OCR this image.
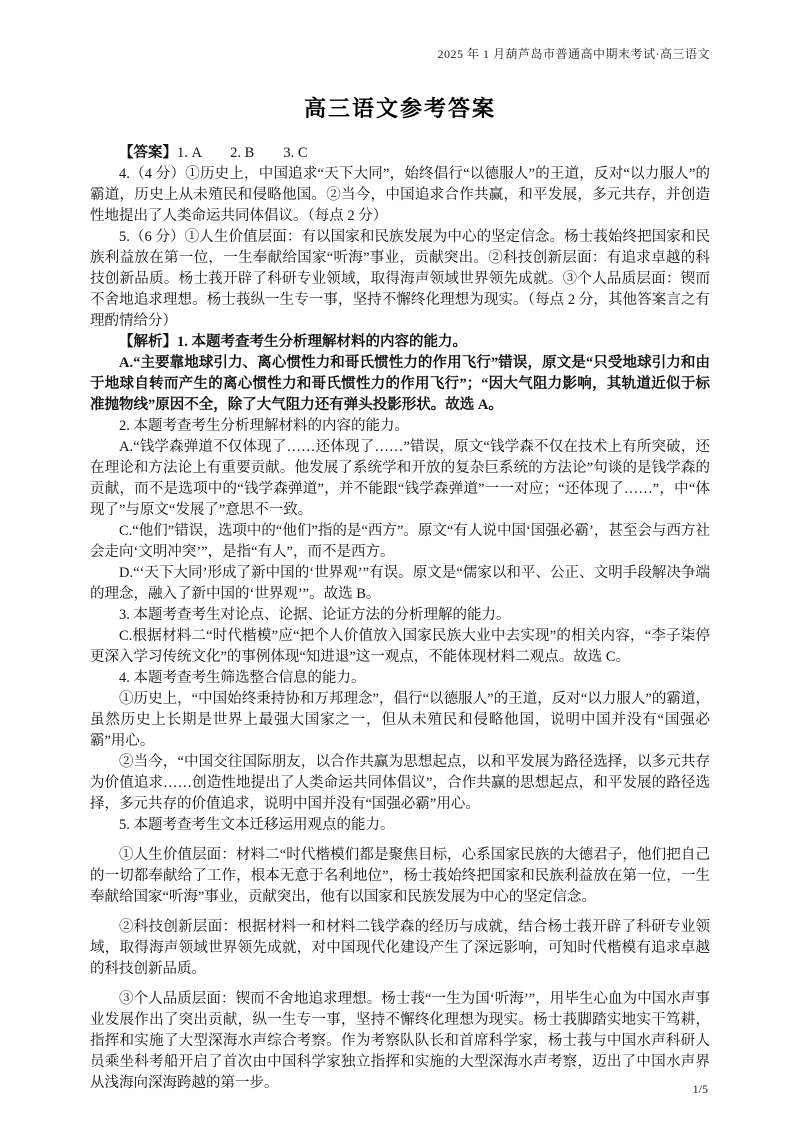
2025 年 1 月葫芦岛市普通高中期末考试·高三语文
高三语文参考答案

【答案】1. A　　2. B　　3. C

4.（4 分）①历史上，中国追求“天下大同”，始终倡行“以德服人”的王道，反对“以力服人”的霸道，历史上从未殖民和侵略他国。②当今，中国追求合作共赢，和平发展，多元共存，并创造性地提出了人类命运共同体倡议。（每点 2 分）

5.（6 分）①人生价值层面：有以国家和民族发展为中心的坚定信念。杨士莪始终把国家和民族利益放在第一位，一生奉献给国家“听海”事业，贡献突出。②科技创新层面：有追求卓越的科技创新品质。杨士莪开辟了科研专业领域，取得海声领域世界领先成就。③个人品质层面：锲而不舍地追求理想。杨士莪纵一生专一事，坚持不懈终化理想为现实。（每点 2 分，其他答案言之有理酌情给分）

【解析】1. 本题考查考生分析理解材料的内容的能力。

A.“主要靠地球引力、离心惯性力和哥氏惯性力的作用飞行”错误，原文是“只受地球引力和由于地球自转而产生的离心惯性力和哥氏惯性力的作用飞行”；“因大气阻力影响，其轨道近似于标准抛物线”原因不全，除了大气阻力还有弹头投影形状。故选 A。

2. 本题考查考生分析理解材料的内容的能力。

A.“钱学森弹道不仅体现了……还体现了……”错误，原文“钱学森不仅在技术上有所突破，还在理论和方法论上有重要贡献。他发展了系统学和开放的复杂巨系统的方法论”句谈的是钱学森的贡献，而不是选项中的“钱学森弹道”，并不能跟“钱学森弹道”一一对应；“还体现了……”，中“体现了”与原文“发展了”意思不一致。

C.“他们”错误，选项中的“他们”指的是“西方”。原文“有人说中国‘国强必霸’，甚至会与西方社会走向‘文明冲突’”，是指“有人”，而不是西方。

D.“‘天下大同’形成了新中国的‘世界观’”有误。原文是“儒家以和平、公正、文明手段解决争端的理念，融入了新中国的‘世界观’”。故选 B。

3. 本题考查考生对论点、论据、论证方法的分析理解的能力。

C.根据材料二“时代楷模”应“把个人价值放入国家民族大业中去实现”的相关内容，“李子柒停更深入学习传统文化”的事例体现“知进退”这一观点，不能体现材料二观点。故选 C。

4. 本题考查考生筛选整合信息的能力。

①历史上，“中国始终秉持协和万邦理念”，倡行“以德服人”的王道，反对“以力服人”的霸道，虽然历史上长期是世界上最强大国家之一，但从未殖民和侵略他国，说明中国并没有“国强必霸”用心。

②当今，“中国交往国际朋友，以合作共赢为思想起点，以和平发展为路径选择，以多元共存为价值追求……创造性地提出了人类命运共同体倡议”，合作共赢的思想起点，和平发展的路径选择，多元共存的价值追求，说明中国并没有“国强必霸”用心。

5. 本题考查考生文本迁移运用观点的能力。

①人生价值层面：材料二“时代楷模们都是聚焦目标，心系国家民族的大德君子，他们把自己的一切都奉献给了工作，根本无意于名利地位”，杨士莪始终把国家和民族利益放在第一位，一生奉献给国家“听海”事业，贡献突出，他有以国家和民族发展为中心的坚定信念。

②科技创新层面：根据材料一和材料二钱学森的经历与成就，结合杨士莪开辟了科研专业领域，取得海声领域世界领先成就，对中国现代化建设产生了深远影响，可知时代楷模有追求卓越的科技创新品质。

③个人品质层面：锲而不舍地追求理想。杨士莪“一生为国‘听海’”，用毕生心血为中国水声事业发展作出了突出贡献，纵一生专一事，坚持不懈终化理想为现实。杨士莪脚踏实地实干笃耕，指挥和实施了大型深海水声综合考察。作为考察队队长和首席科学家，杨士莪与中国水声科研人员乘坐科考船开启了首次由中国科学家独立指挥和实施的大型深海水声考察，迈出了中国水声界从浅海向深海跨越的第一步。	1/5
